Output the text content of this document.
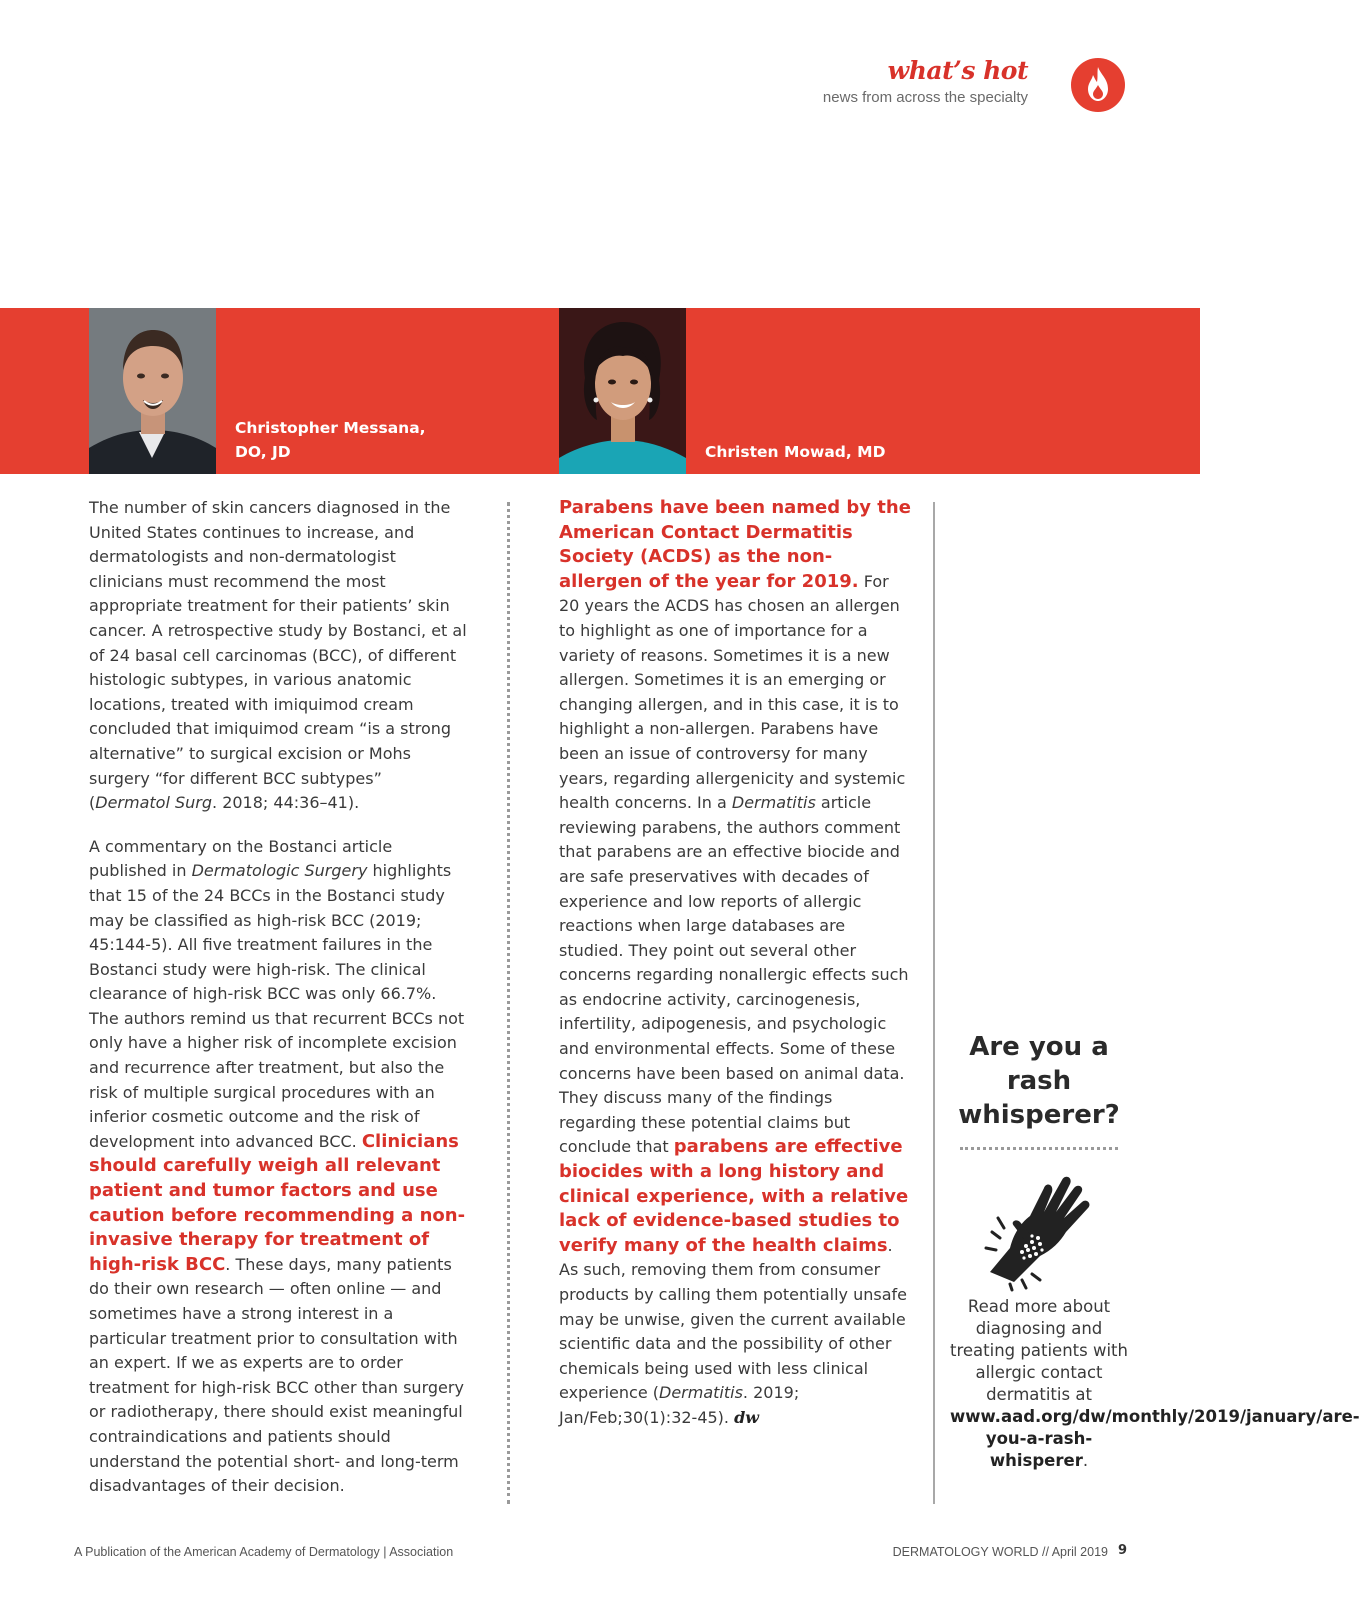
what’s hot
news from across the specialty
Christopher Messana,
DO, JD	Christen Mowad, MD

The number of skin cancers diagnosed in the United States continues to increase, and dermatologists and non-dermatologist clinicians must recommend the most appropriate treatment for their patients’ skin cancer. A retrospective study by Bostanci, et al of 24 basal cell carcinomas (BCC), of different histologic subtypes, in various anatomic locations, treated with imiquimod cream concluded that imiquimod cream “is a strong alternative” to surgical excision or Mohs surgery “for different BCC subtypes” (Dermatol Surg. 2018; 44:36–41).

A commentary on the Bostanci article published in Dermatologic Surgery highlights that 15 of the 24 BCCs in the Bostanci study may be classified as high-risk BCC (2019; 45:144-5). All five treatment failures in the Bostanci study were high-risk. The clinical clearance of high-risk BCC was only 66.7%. The authors remind us that recurrent BCCs not only have a higher risk of incomplete excision and recurrence after treatment, but also the risk of multiple surgical procedures with an inferior cosmetic outcome and the risk of development into advanced BCC. Clinicians should carefully weigh all relevant patient and tumor factors and use caution before recommending a non-invasive therapy for treatment of high-risk BCC. These days, many patients do their own research — often online — and sometimes have a strong interest in a particular treatment prior to consultation with an expert. If we as experts are to order treatment for high-risk BCC other than surgery or radiotherapy, there should exist meaningful contraindications and patients should understand the potential short- and long-term disadvantages of their decision.

Parabens have been named by the American Contact Dermatitis Society (ACDS) as the non-allergen of the year for 2019. For 20 years the ACDS has chosen an allergen to highlight as one of importance for a variety of reasons. Sometimes it is a new allergen. Sometimes it is an emerging or changing allergen, and in this case, it is to highlight a non-allergen. Parabens have been an issue of controversy for many years, regarding allergenicity and systemic health concerns. In a Dermatitis article reviewing parabens, the authors comment that parabens are an effective biocide and are safe preservatives with decades of experience and low reports of allergic reactions when large databases are studied. They point out several other concerns regarding nonallergic effects such as endocrine activity, carcinogenesis, infertility, adipogenesis, and psychologic and environmental effects. Some of these concerns have been based on animal data. They discuss many of the findings regarding these potential claims but conclude that parabens are effective biocides with a long history and clinical experience, with a relative lack of evidence-based studies to verify many of the health claims. As such, removing them from consumer products by calling them potentially unsafe may be unwise, given the current available scientific data and the possibility of other chemicals being used with less clinical experience (Dermatitis. 2019; Jan/Feb;30(1):32-45). dw

Are you a rash whisperer?
Read more about diagnosing and treating patients with allergic contact dermatitis at www.aad.org/dw/monthly/2019/january/are-you-a-rash-whisperer.
A Publication of the American Academy of Dermatology | Association	DERMATOLOGY WORLD // April 2019 9
